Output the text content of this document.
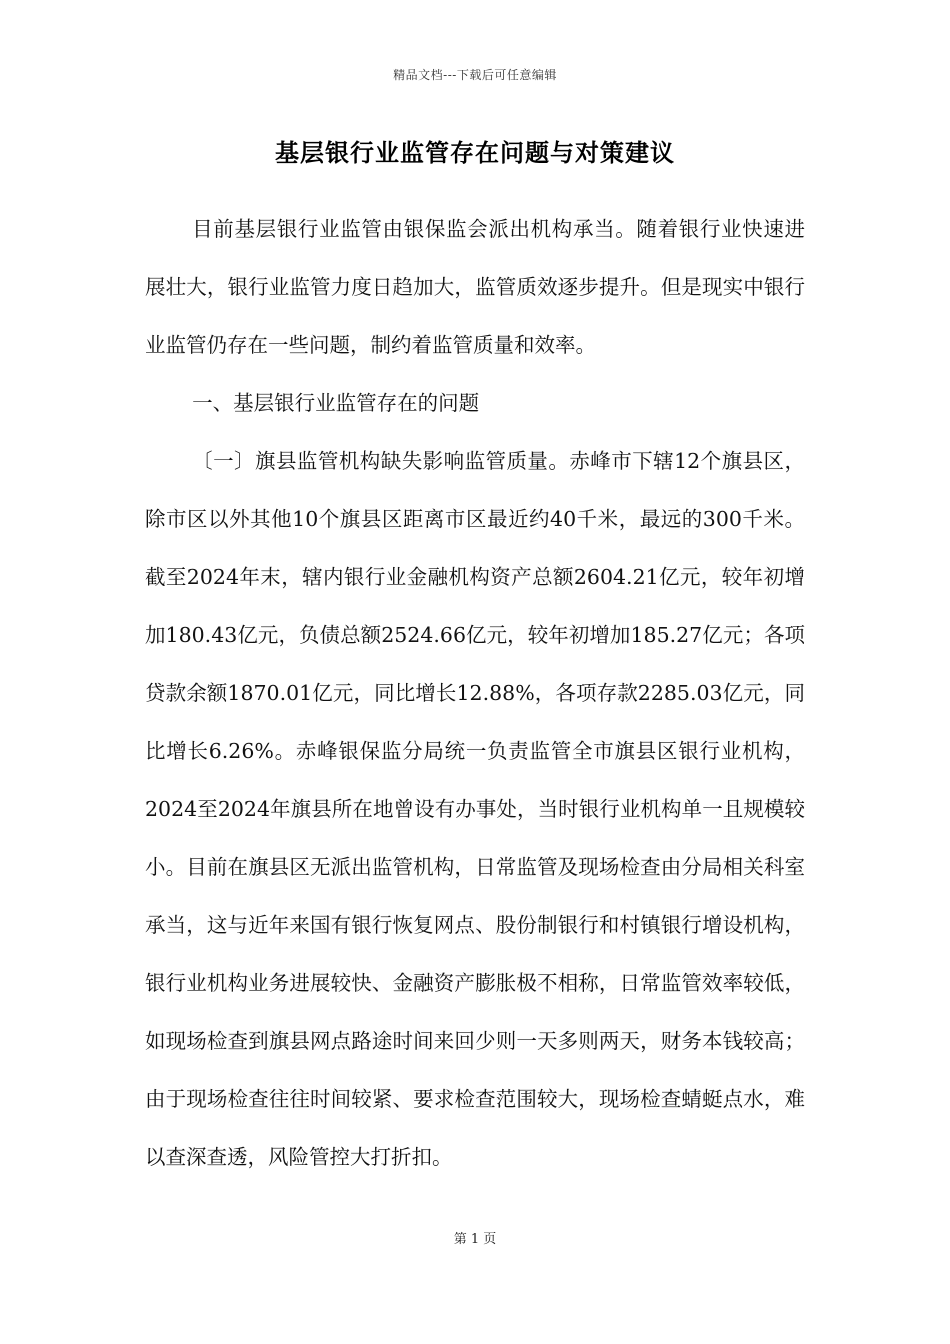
精品文档---下载后可任意编辑
基层银行业监管存在问题与对策建议

目前基层银行业监管由银保监会派出机构承当。随着银行业快速进展壮大，银行业监管力度日趋加大，监管质效逐步提升。但是现实中银行业监管仍存在一些问题，制约着监管质量和效率。

一、基层银行业监管存在的问题

〔一〕旗县监管机构缺失影响监管质量。赤峰市下辖12个旗县区，除市区以外其他10个旗县区距离市区最近约40千米，最远的300千米。截至2024年末，辖内银行业金融机构资产总额2604.21亿元，较年初增加180.43亿元，负债总额2524.66亿元，较年初增加185.27亿元；各项贷款余额1870.01亿元，同比增长12.88%，各项存款2285.03亿元，同比增长6.26%。赤峰银保监分局统一负责监管全市旗县区银行业机构，2024至2024年旗县所在地曾设有办事处，当时银行业机构单一且规模较小。目前在旗县区无派出监管机构，日常监管及现场检查由分局相关科室承当，这与近年来国有银行恢复网点、股份制银行和村镇银行增设机构，银行业机构业务进展较快、金融资产膨胀极不相称，日常监管效率较低，如现场检查到旗县网点路途时间来回少则一天多则两天，财务本钱较高；由于现场检查往往时间较紧、要求检查范围较大，现场检查蜻蜓点水，难以查深查透，风险管控大打折扣。

第 1 页
